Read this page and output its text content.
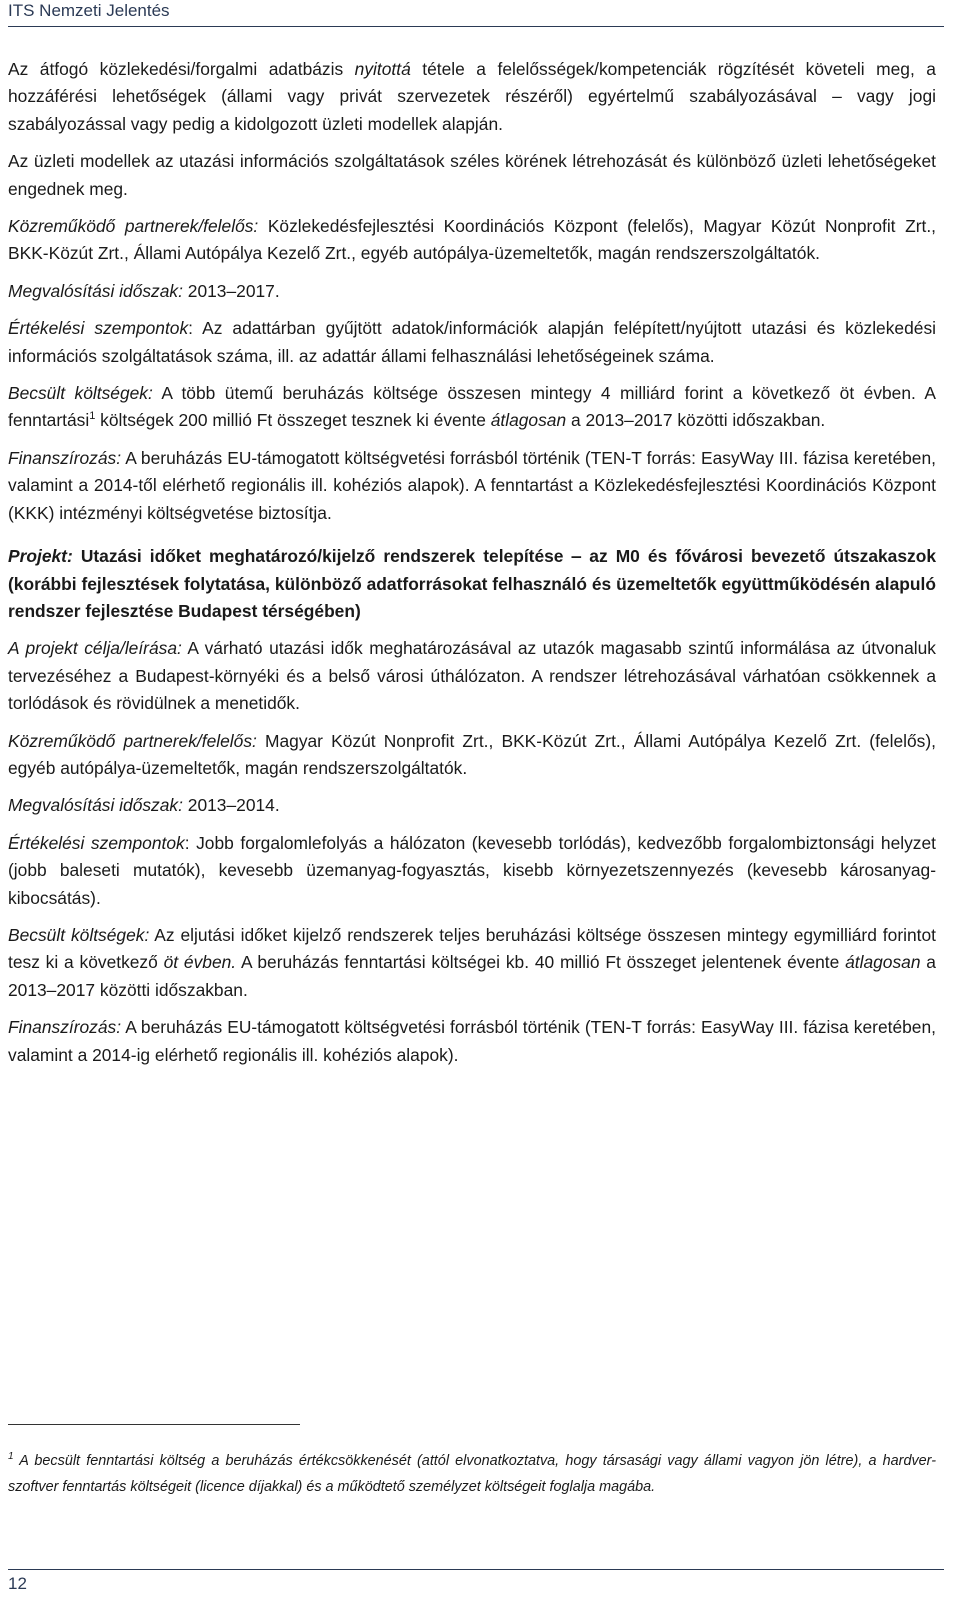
ITS Nemzeti Jelentés

Az átfogó közlekedési/forgalmi adatbázis nyitottá tétele a felelősségek/kompetenciák rögzítését követeli meg, a hozzáférési lehetőségek (állami vagy privát szervezetek részéről) egyértelmű szabályozásával ‒ vagy jogi szabályozással vagy pedig a kidolgozott üzleti modellek alapján.

Az üzleti modellek az utazási információs szolgáltatások széles körének létrehozását és különböző üzleti lehetőségeket engednek meg.

Közreműködő partnerek/felelős: Közlekedésfejlesztési Koordinációs Központ (felelős), Magyar Közút Nonprofit Zrt., BKK-Közút Zrt., Állami Autópálya Kezelő Zrt., egyéb autópálya-üzemeltetők, magán rendszerszolgáltatók.

Megvalósítási időszak: 2013‒2017.

Értékelési szempontok: Az adattárban gyűjtött adatok/információk alapján felépített/nyújtott utazási és közlekedési információs szolgáltatások száma, ill. az adattár állami felhasználási lehetőségeinek száma.

Becsült költségek: A több ütemű beruházás költsége összesen mintegy 4 milliárd forint a következő öt évben. A fenntartási$^1$ költségek 200 millió Ft összeget tesznek ki évente átlagosan a 2013‒2017 közötti időszakban.

Finanszírozás: A beruházás EU-támogatott költségvetési forrásból történik (TEN-T forrás: EasyWay III. fázisa keretében, valamint a 2014-től elérhető regionális ill. kohéziós alapok). A fenntartást a Közlekedésfejlesztési Koordinációs Központ (KKK) intézményi költségvetése biztosítja.

Projekt: Utazási időket meghatározó/kijelző rendszerek telepítése ‒ az M0 és fővárosi bevezető útszakaszok (korábbi fejlesztések folytatása, különböző adatforrásokat felhasználó és üzemeltetők együttműködésén alapuló rendszer fejlesztése Budapest térségében)

A projekt célja/leírása: A várható utazási idők meghatározásával az utazók magasabb szintű informálása az útvonaluk tervezéséhez a Budapest-környéki és a belső városi úthálózaton. A rendszer létrehozásával várhatóan csökkennek a torlódások és rövidülnek a menetidők.

Közreműködő partnerek/felelős: Magyar Közút Nonprofit Zrt., BKK-Közút Zrt., Állami Autópálya Kezelő Zrt. (felelős), egyéb autópálya-üzemeltetők, magán rendszerszolgáltatók.

Megvalósítási időszak: 2013‒2014.

Értékelési szempontok: Jobb forgalomlefolyás a hálózaton (kevesebb torlódás), kedvezőbb forgalombiztonsági helyzet (jobb baleseti mutatók), kevesebb üzemanyag-fogyasztás, kisebb környezetszennyezés (kevesebb károsanyag-kibocsátás).

Becsült költségek: Az eljutási időket kijelző rendszerek teljes beruházási költsége összesen mintegy egymilliárd forintot tesz ki a következő öt évben. A beruházás fenntartási költségei kb. 40 millió Ft összeget jelentenek évente átlagosan a 2013‒2017 közötti időszakban.

Finanszírozás: A beruházás EU-támogatott költségvetési forrásból történik (TEN-T forrás: EasyWay III. fázisa keretében, valamint a 2014-ig elérhető regionális ill. kohéziós alapok).

$^1$ A becsült fenntartási költség a beruházás értékcsökkenését (attól elvonatkoztatva, hogy társasági vagy állami vagyon jön létre), a hardver-szoftver fenntartás költségeit (licence díjakkal) és a működtető személyzet költségeit foglalja magába.
12
